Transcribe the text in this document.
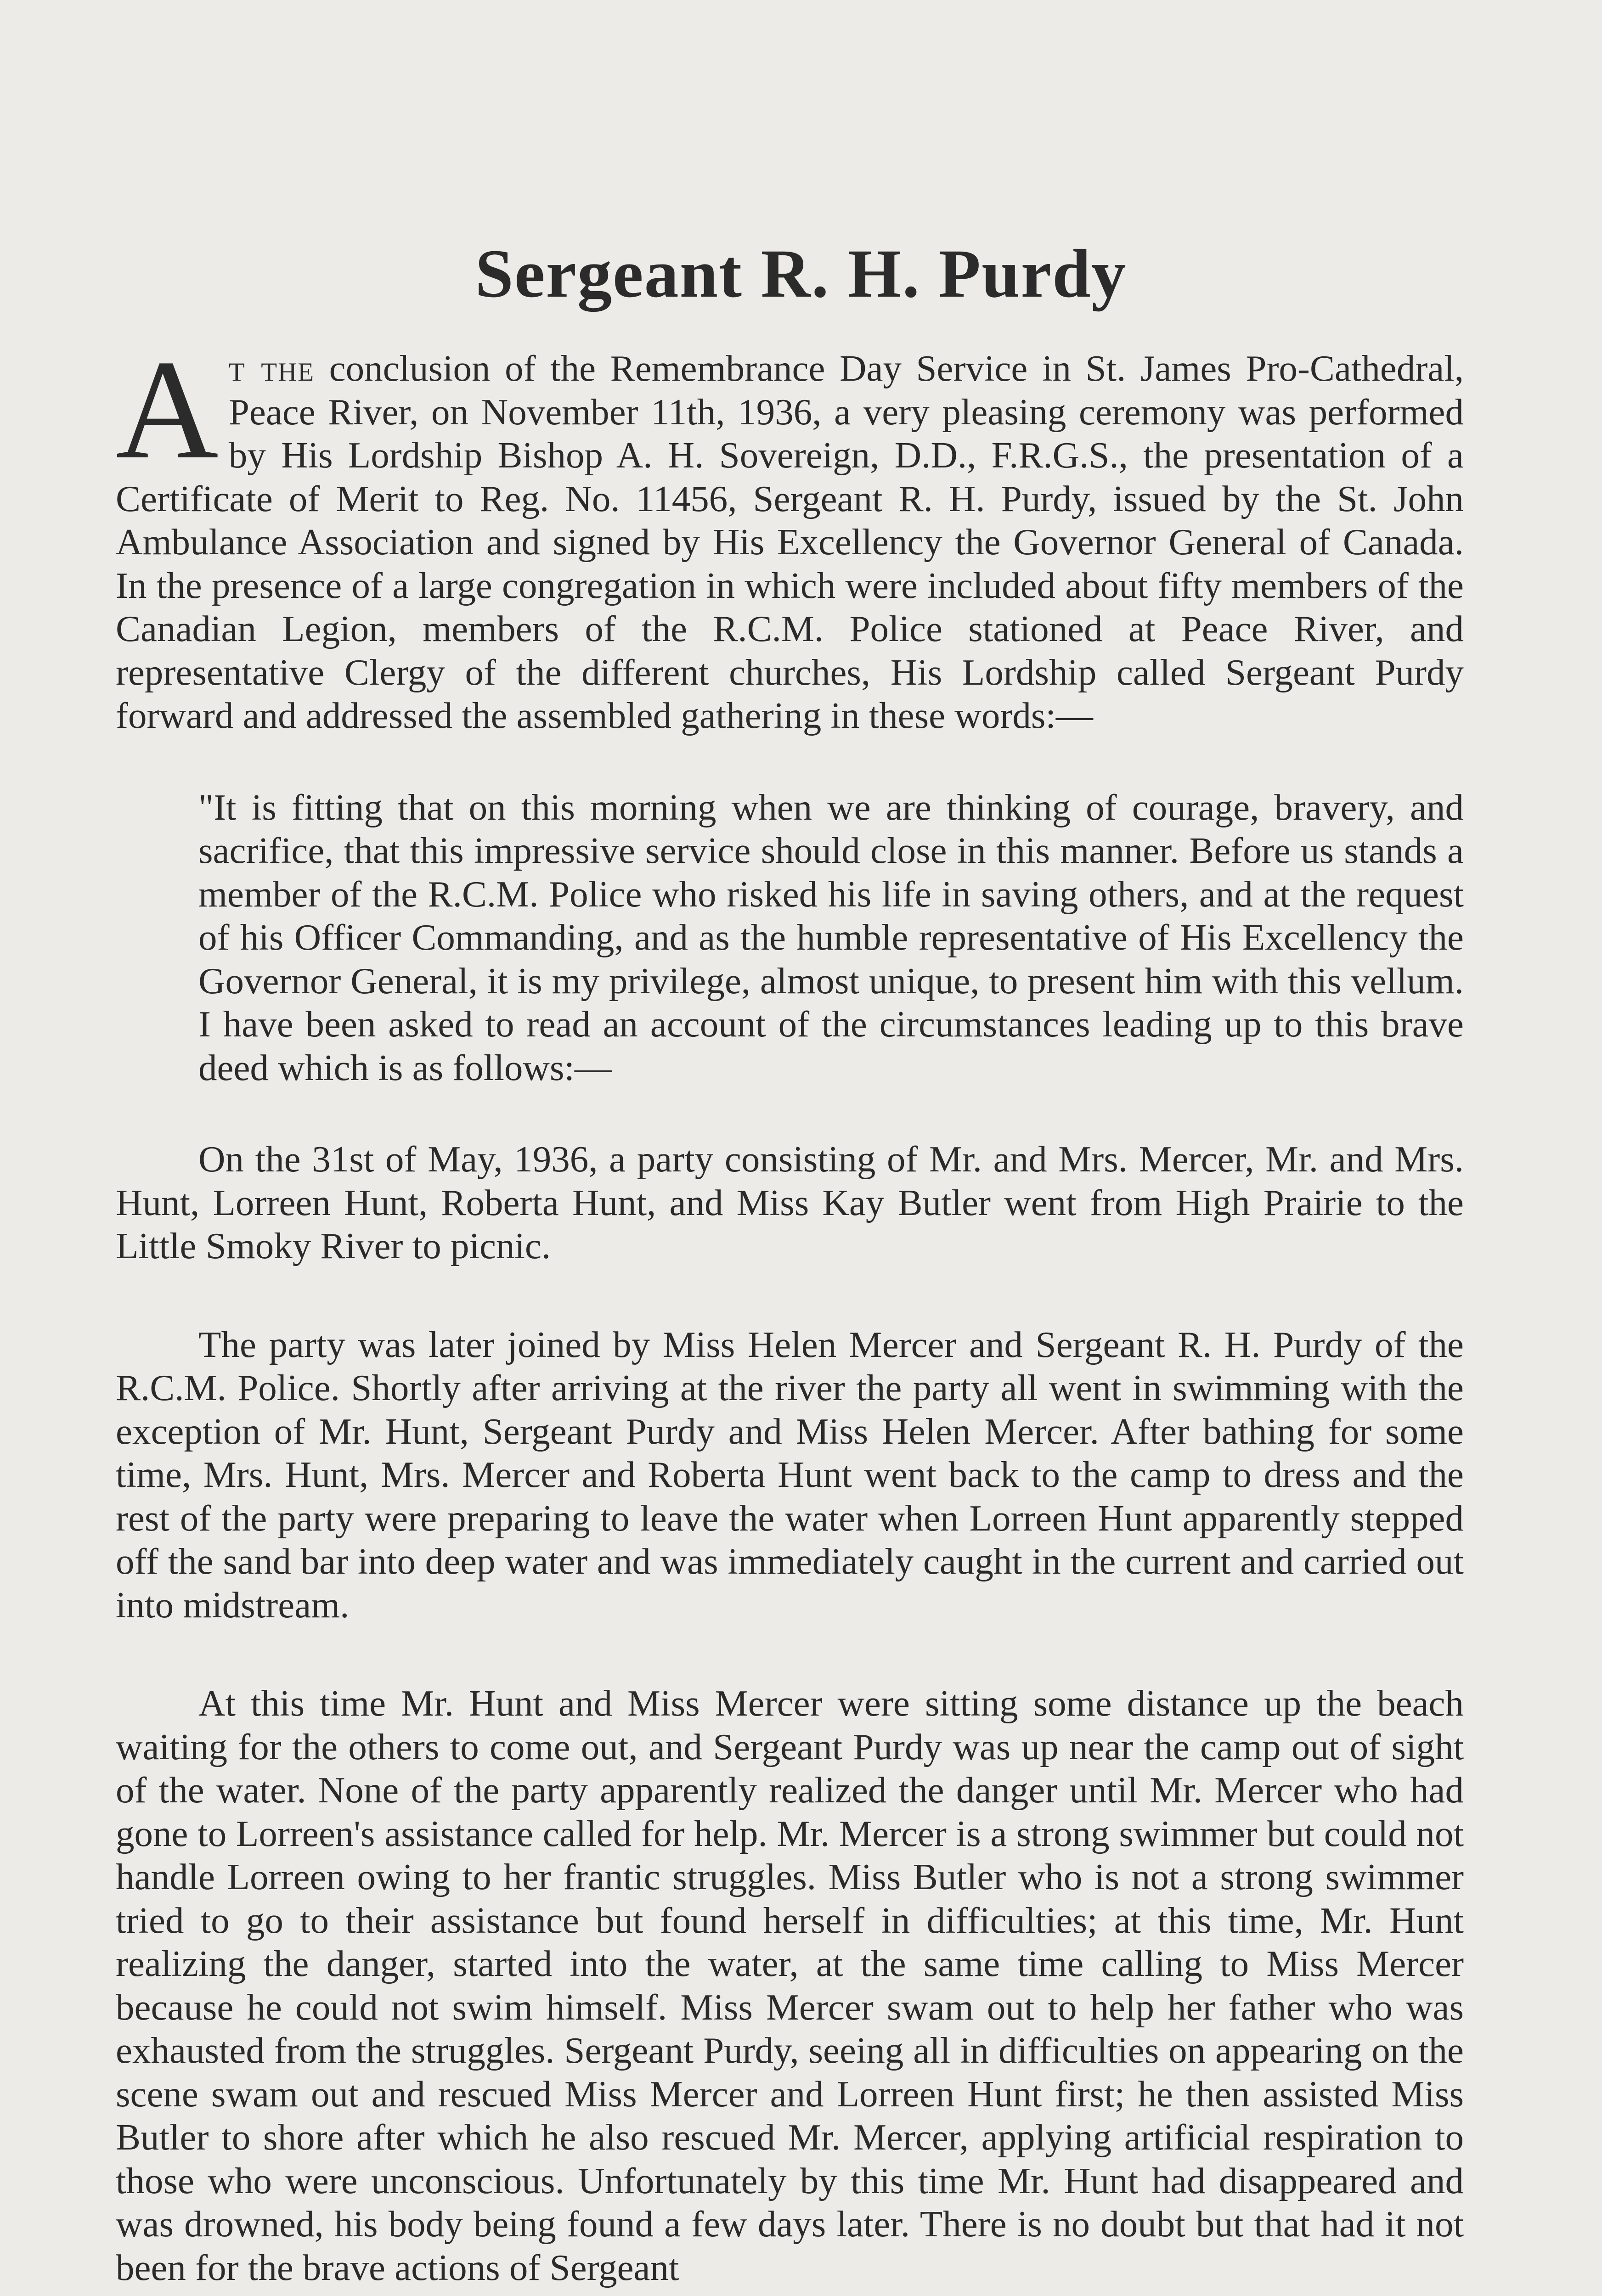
Sergeant R. H. Purdy

At the conclusion of the Remembrance Day Service in St. James Pro-Cathedral, Peace River, on November 11th, 1936, a very pleasing ceremony was performed by His Lordship Bishop A. H. Sovereign, D.D., F.R.G.S., the presentation of a Certificate of Merit to Reg. No. 11456, Sergeant R. H. Purdy, issued by the St. John Ambulance Association and signed by His Excellency the Governor General of Canada. In the presence of a large congregation in which were included about fifty members of the Canadian Legion, members of the R.C.M. Police stationed at Peace River, and representative Clergy of the different churches, His Lordship called Sergeant Purdy forward and addressed the assembled gathering in these words:—

"It is fitting that on this morning when we are thinking of courage, bravery, and sacrifice, that this impressive service should close in this manner. Before us stands a member of the R.C.M. Police who risked his life in saving others, and at the request of his Officer Commanding, and as the humble representative of His Excellency the Governor General, it is my privilege, almost unique, to present him with this vellum. I have been asked to read an account of the circumstances leading up to this brave deed which is as follows:—

On the 31st of May, 1936, a party consisting of Mr. and Mrs. Mercer, Mr. and Mrs. Hunt, Lorreen Hunt, Roberta Hunt, and Miss Kay Butler went from High Prairie to the Little Smoky River to picnic.

The party was later joined by Miss Helen Mercer and Sergeant R. H. Purdy of the R.C.M. Police. Shortly after arriving at the river the party all went in swimming with the exception of Mr. Hunt, Sergeant Purdy and Miss Helen Mercer. After bathing for some time, Mrs. Hunt, Mrs. Mercer and Roberta Hunt went back to the camp to dress and the rest of the party were preparing to leave the water when Lorreen Hunt apparently stepped off the sand bar into deep water and was immediately caught in the current and carried out into midstream.

At this time Mr. Hunt and Miss Mercer were sitting some distance up the beach waiting for the others to come out, and Sergeant Purdy was up near the camp out of sight of the water. None of the party apparently realized the danger until Mr. Mercer who had gone to Lorreen's assistance called for help. Mr. Mercer is a strong swimmer but could not handle Lorreen owing to her frantic struggles. Miss Butler who is not a strong swimmer tried to go to their assistance but found herself in difficulties; at this time, Mr. Hunt realizing the danger, started into the water, at the same time calling to Miss Mercer because he could not swim himself. Miss Mercer swam out to help her father who was exhausted from the struggles. Sergeant Purdy, seeing all in difficulties on appearing on the scene swam out and rescued Miss Mercer and Lorreen Hunt first; he then assisted Miss Butler to shore after which he also rescued Mr. Mercer, applying artificial respiration to those who were unconscious. Unfortunately by this time Mr. Hunt had disappeared and was drowned, his body being found a few days later. There is no doubt but that had it not been for the brave actions of Sergeant
